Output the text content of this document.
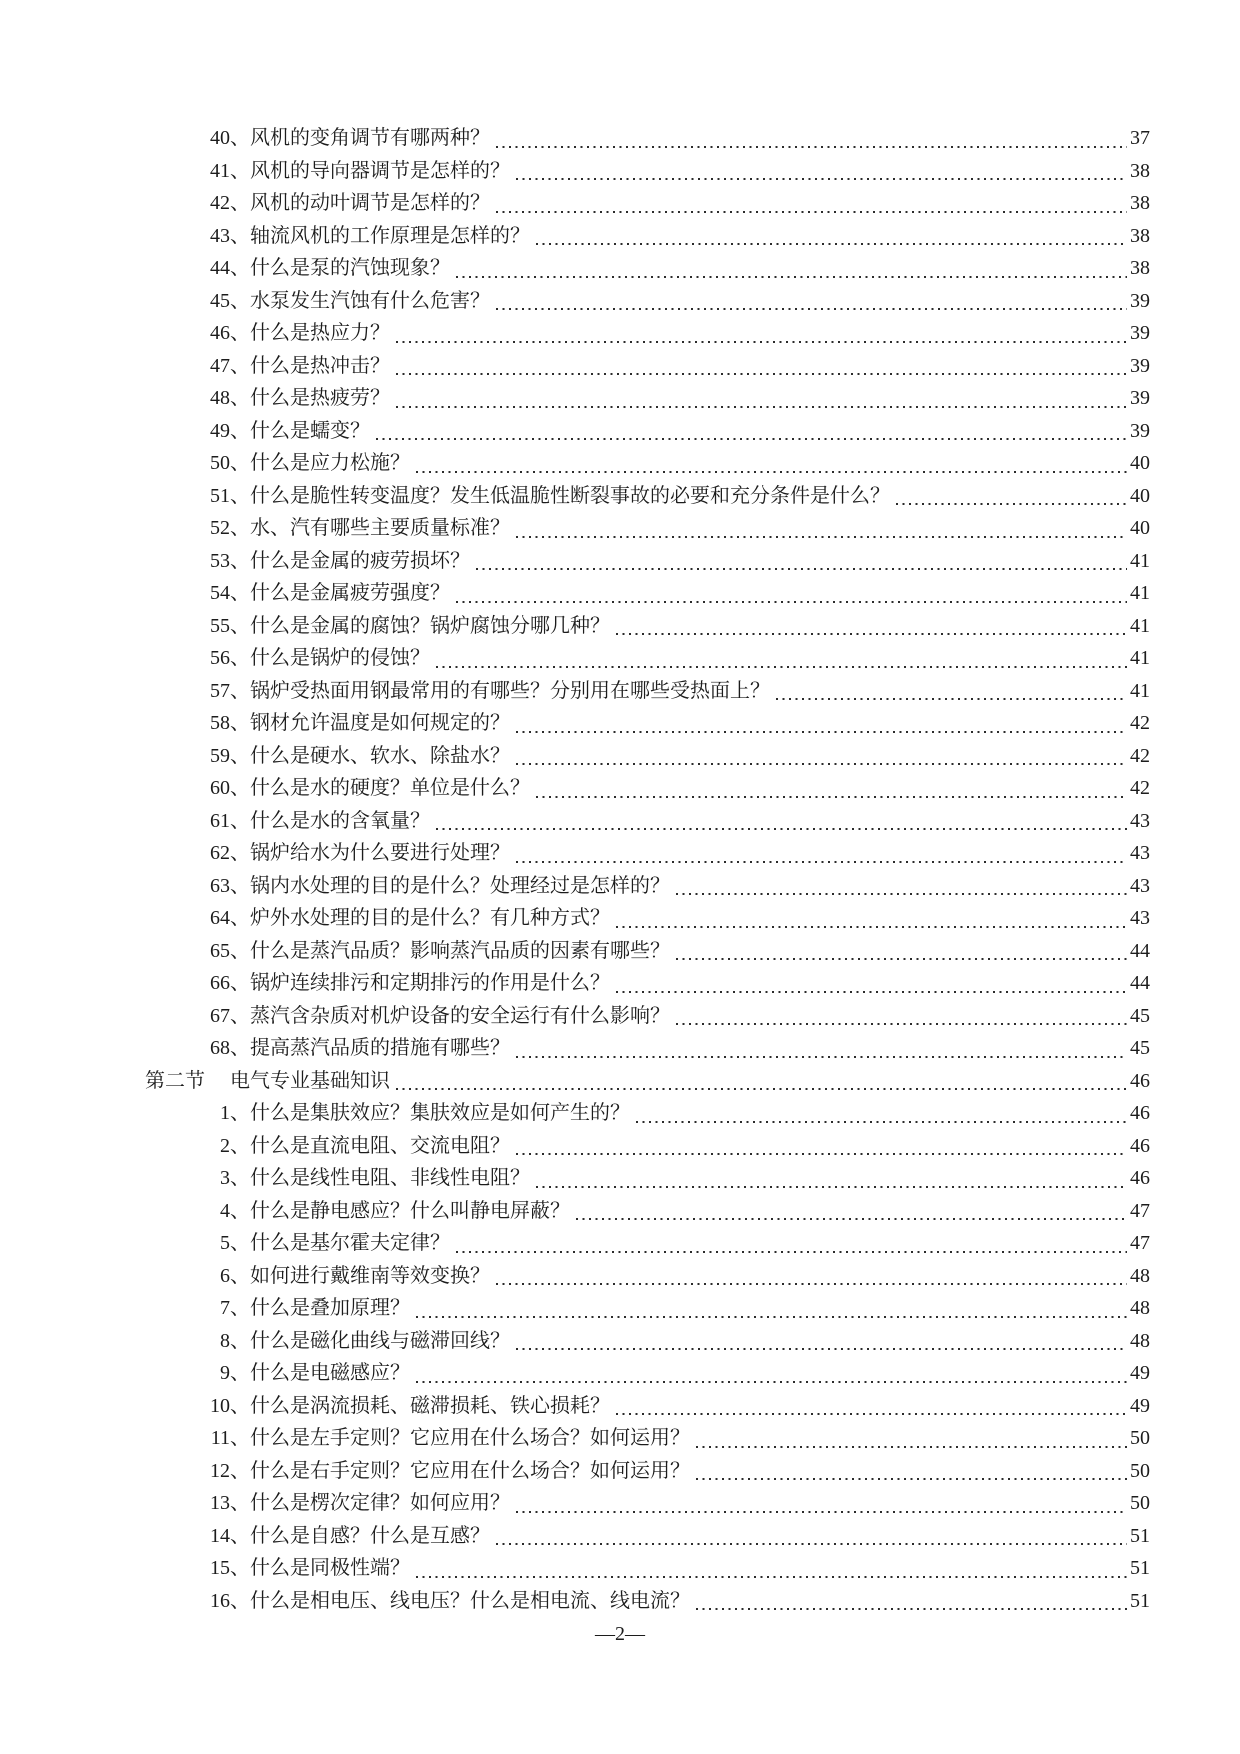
40、 风机的变角调节有哪两种？	37
41、 风机的导向器调节是怎样的？	38
42、 风机的动叶调节是怎样的？	38
43、 轴流风机的工作原理是怎样的？	38
44、 什么是泵的汽蚀现象？	38
45、 水泵发生汽蚀有什么危害？	39
46、 什么是热应力？	39
47、 什么是热冲击？	39
48、 什么是热疲劳？	39
49、 什么是蠕变？	39
50、 什么是应力松施？	40
51、 什么是脆性转变温度？发生低温脆性断裂事故的必要和充分条件是什么？	40
52、 水、汽有哪些主要质量标准？	40
53、 什么是金属的疲劳损坏？	41
54、 什么是金属疲劳强度？	41
55、 什么是金属的腐蚀？锅炉腐蚀分哪几种？	41
56、 什么是锅炉的侵蚀？	41
57、 锅炉受热面用钢最常用的有哪些？分别用在哪些受热面上？	41
58、 钢材允许温度是如何规定的？	42
59、 什么是硬水、软水、除盐水？	42
60、 什么是水的硬度？单位是什么？	42
61、 什么是水的含氧量？	43
62、 锅炉给水为什么要进行处理？	43
63、 锅内水处理的目的是什么？处理经过是怎样的？	43
64、 炉外水处理的目的是什么？有几种方式？	43
65、 什么是蒸汽品质？影响蒸汽品质的因素有哪些？	44
66、 锅炉连续排污和定期排污的作用是什么？	44
67、 蒸汽含杂质对机炉设备的安全运行有什么影响？	45
68、 提高蒸汽品质的措施有哪些？	45
第二节	电气专业基础知识	46
1、 什么是集肤效应？集肤效应是如何产生的？	46
2、 什么是直流电阻、交流电阻？	46
3、 什么是线性电阻、非线性电阻？	46
4、 什么是静电感应？什么叫静电屏蔽？	47
5、 什么是基尔霍夫定律？	47
6、 如何进行戴维南等效变换？	48
7、 什么是叠加原理？	48
8、 什么是磁化曲线与磁滞回线？	48
9、 什么是电磁感应？	49
10、 什么是涡流损耗、磁滞损耗、铁心损耗？	49
11、 什么是左手定则？它应用在什么场合？如何运用？	50
12、 什么是右手定则？它应用在什么场合？如何运用？	50
13、 什么是楞次定律？如何应用？	50
14、 什么是自感？什么是互感？	51
15、 什么是同极性端？	51
16、 什么是相电压、线电压？什么是相电流、线电流？	51
—2—
